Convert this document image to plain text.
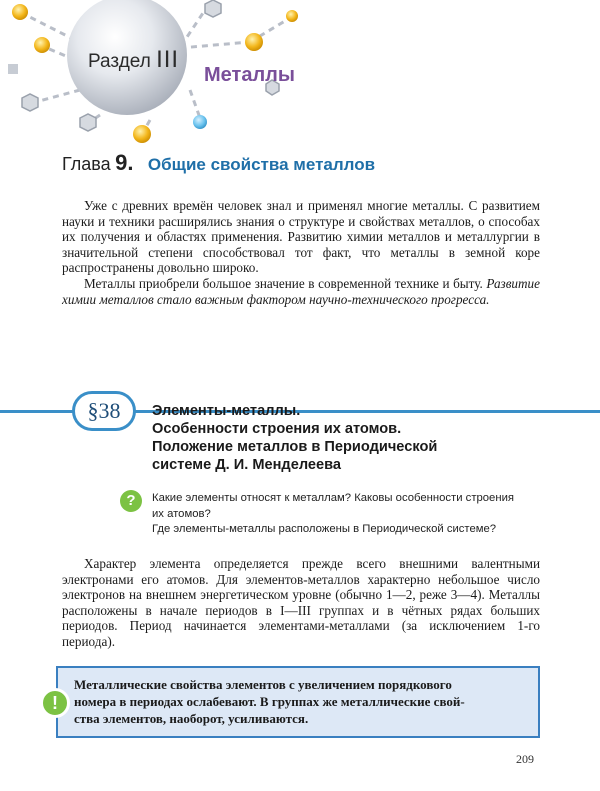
Раздел III
Металлы
Глава 9. Общие свойства металлов

Уже с древних времён человек знал и применял многие металлы. С развитием науки и техники расширялись знания о структуре и свойствах металлов, о способах их получения и областях применения. Развитию химии металлов и металлургии в значительной степени способствовал тот факт, что металлы в земной коре распространены довольно широко.

Металлы приобрели большое значение в современной технике и быту. Развитие химии металлов стало важным фактором научно-технического прогресса.

§38	Элементы-металлы.
Особенности строения их атомов.
Положение металлов в Периодической
системе Д. И. Менделеева
?	Какие элементы относят к металлам? Каковы особенности строения
их атомов?
Где элементы-металлы расположены в Периодической системе?

Характер элемента определяется прежде всего внешними валентными электронами его атомов. Для элементов-металлов характерно небольшое число электронов на внешнем энергетическом уровне (обычно 1—2, реже 3—4). Металлы расположены в начале периодов в I—III группах и в чётных рядах больших периодов. Период начинается элементами-металлами (за исключением 1-го периода).

!
Металлические свойства элементов с увеличением порядкового
номера в периодах ослабевают. В группах же металлические свой-
ства элементов, наоборот, усиливаются.
209
